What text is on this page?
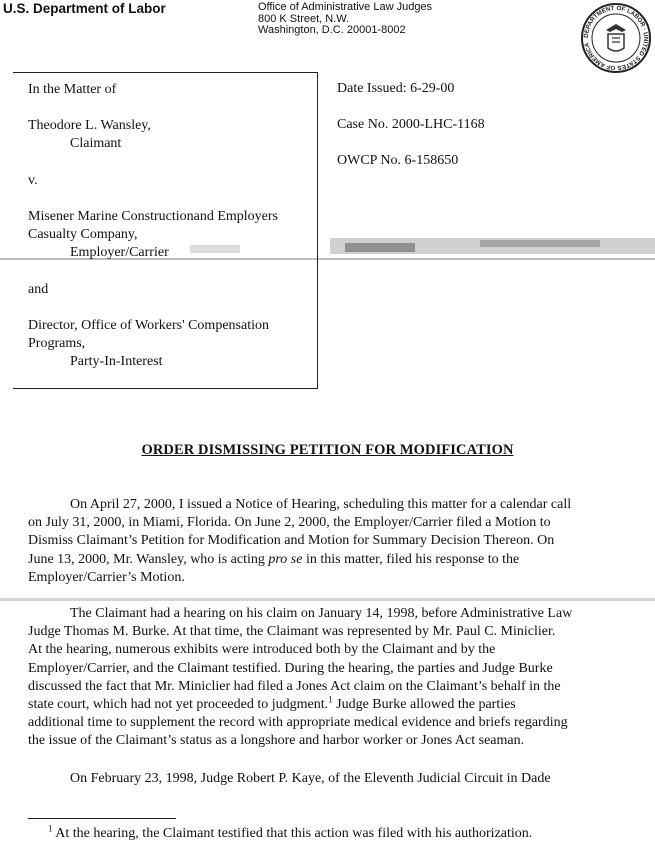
U.S. Department of Labor	Office of Administrative Law Judges
800 K Street, N.W.
Washington, D.C. 20001-8002	DEPARTMENT OF LABOR · UNITED STATES OF AMERICA
In the Matter of
Theodore L. Wansley,
Claimant
v.
Misener Marine Constructionand Employers
Casualty Company,
Employer/Carrier
and
Director, Office of Workers' Compensation
Programs,
Party-In-Interest
Date Issued: 6-29-00
Case No. 2000-LHC-1168
OWCP No. 6-158650
ORDER DISMISSING PETITION FOR MODIFICATION
On April 27, 2000, I issued a Notice of Hearing, scheduling this matter for a calendar call
on July 31, 2000, in Miami, Florida. On June 2, 2000, the Employer/Carrier filed a Motion to
Dismiss Claimant’s Petition for Modification and Motion for Summary Decision Thereon. On
June 13, 2000, Mr. Wansley, who is acting pro se in this matter, filed his response to the
Employer/Carrier’s Motion.
The Claimant had a hearing on his claim on January 14, 1998, before Administrative Law
Judge Thomas M. Burke. At that time, the Claimant was represented by Mr. Paul C. Miniclier.
At the hearing, numerous exhibits were introduced both by the Claimant and by the
Employer/Carrier, and the Claimant testified. During the hearing, the parties and Judge Burke
discussed the fact that Mr. Miniclier had filed a Jones Act claim on the Claimant’s behalf in the
state court, which had not yet proceeded to judgment.$^1$ Judge Burke allowed the parties
additional time to supplement the record with appropriate medical evidence and briefs regarding
the issue of the Claimant’s status as a longshore and harbor worker or Jones Act seaman.
On February 23, 1998, Judge Robert P. Kaye, of the Eleventh Judicial Circuit in Dade
$^1$ At the hearing, the Claimant testified that this action was filed with his authorization.
